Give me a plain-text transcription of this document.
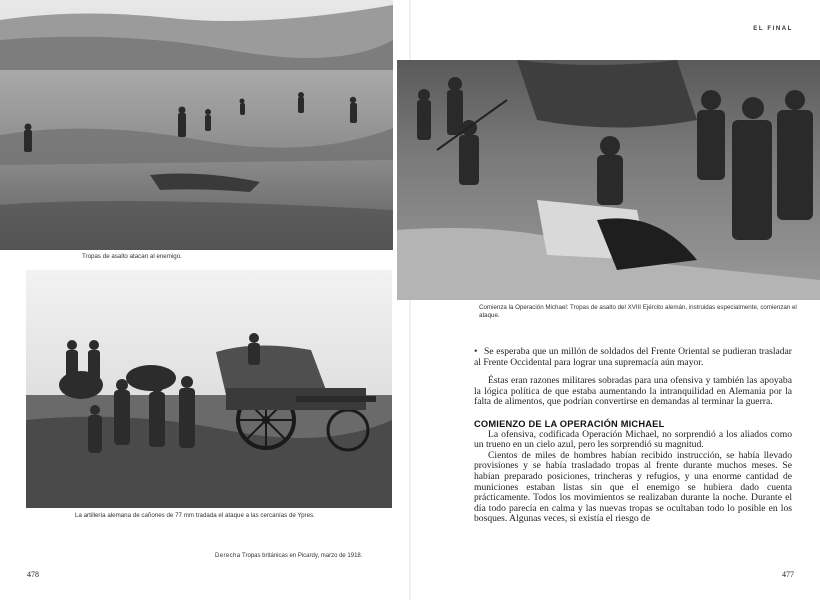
Tropas de asalto atacan al enemigo.
La artillería alemana de cañones de 77 mm tradada el ataque a las cercanías de Ypres.
478
Derecha Tropas británicas en Picardy, marzo de 1918.
EL FINAL
Comienza la Operación Michael: Tropas de asalto del XVIII Ejército alemán, instruidas especialmente, comienzan el ataque.

• Se esperaba que un millón de soldados del Frente Oriental se pudieran trasladar al Frente Occidental para lograr una supremacía aún mayor.

Éstas eran razones militares sobradas para una ofensiva y también las apoyaba la lógica política de que estaba aumentando la intranquilidad en Alemania por la falta de alimentos, que podrían convertirse en demandas al terminar la guerra.

COMIENZO DE LA OPERACIÓN MICHAEL

La ofensiva, codificada Operación Michael, no sorprendió a los aliados como un trueno en un cielo azul, pero les sorprendió su magnitud.

Cientos de miles de hombres habían recibido instrucción, se había llevado provisiones y se había trasladado tropas al frente durante muchos meses. Se habían preparado posiciones, trincheras y refugios, y una enorme cantidad de municiones estaban listas sin que el enemigo se hubiera dado cuenta prácticamente. Todos los movimientos se realizaban durante la noche. Durante el día todo parecía en calma y las nuevas tropas se ocultaban todo lo posible en los bosques. Algunas veces, si existía el riesgo de

477
